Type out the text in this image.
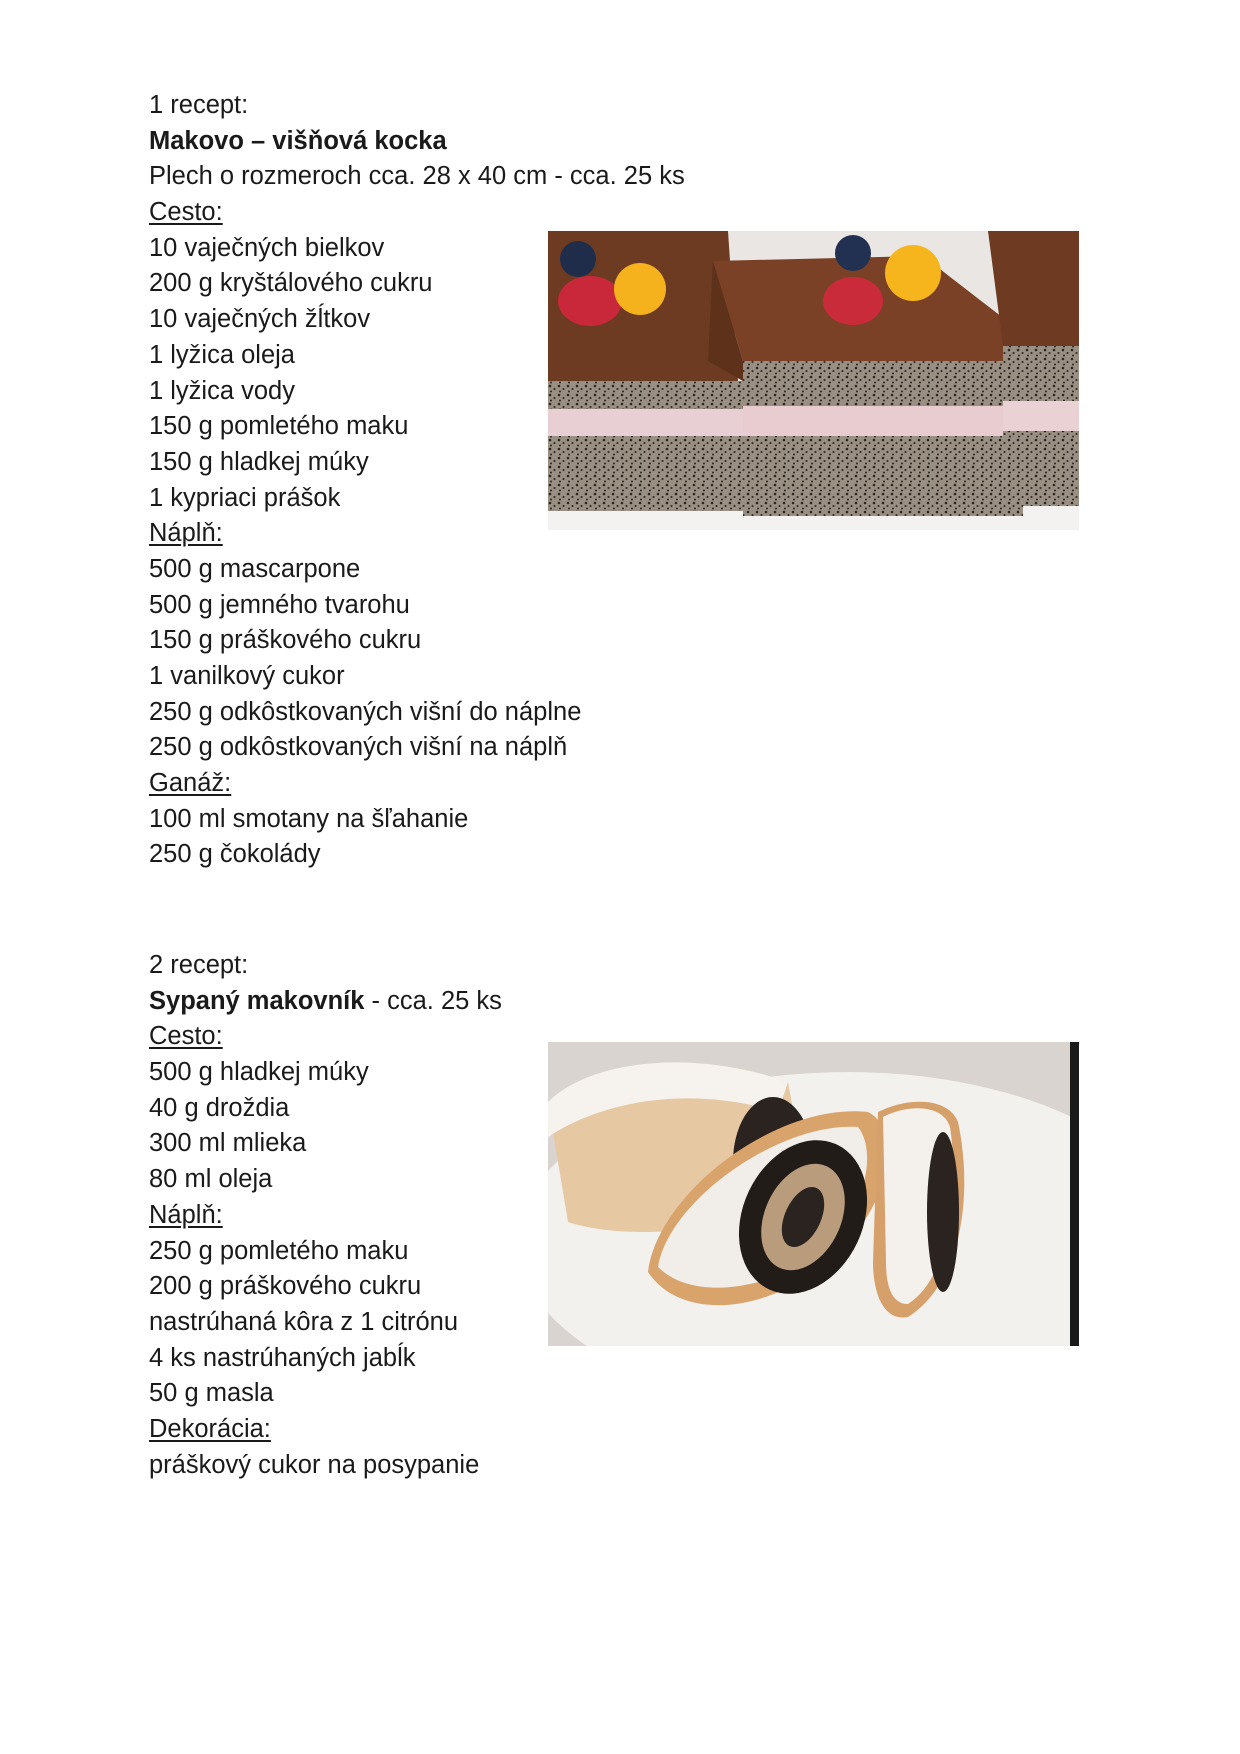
1 recept:

Makovo – višňová kocka

Plech o rozmeroch cca. 28 x 40 cm - cca. 25 ks

Cesto:

10 vaječných bielkov

200 g kryštálového cukru

10 vaječných žĺtkov

1 lyžica oleja

1 lyžica vody

150 g pomletého maku

150 g hladkej múky

1 kypriaci prášok

Náplň:

500 g mascarpone

500 g jemného tvarohu

150 g práškového cukru

1 vanilkový cukor

250 g odkôstkovaných višní do náplne

250 g odkôstkovaných višní na náplň

Ganáž:

100 ml smotany na šľahanie

250 g čokolády

2 recept:

Sypaný makovník - cca. 25 ks

Cesto:

500 g hladkej múky

40 g droždia

300 ml mlieka

80 ml oleja

Náplň:

250 g pomletého maku

200 g práškového cukru

nastrúhaná kôra z 1 citrónu

4 ks nastrúhaných jabĺk

50 g masla

Dekorácia:

práškový cukor na posypanie
